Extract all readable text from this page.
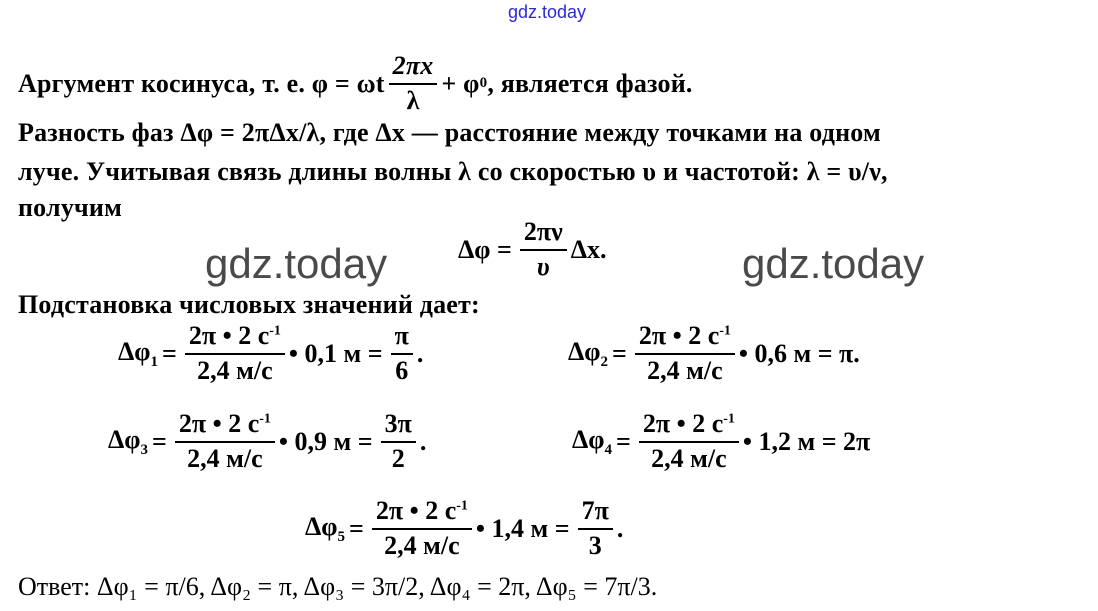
gdz.today
gdz.today	gdz.today
Аргумент косинуса, т. е. φ = ωt $\frac{2\pi x}{\lambda} + \varphi$ 0 , является фазой.
Разность фаз Δφ = 2πΔx/λ, где Δx — расстояние между точками на одном
луче. Учитывая связь длины волны λ со скоростью υ и частотой: λ = υ/ν,
получим
$\Delta\varphi = \frac{2\pi\nu}{\upsilon} \Delta x$.
Подстановка числовых значений дает:
$\Delta\varphi_1 = \frac{2\pi • 2 с^{-1}}{2,4 м/с}$ • 0,1 $м = \frac{\pi}{6}$ .	$\Delta\varphi_2 = \frac{2\pi • 2 с^{-1}}{2,4 м/с}$ • 0,6 м = π.
$\Delta\varphi_3 = \frac{2\pi • 2 с^{-1}}{2,4 м/с}$ • 0,9 $м = \frac{3\pi}{2}$ .	$\Delta\varphi_4 = \frac{2\pi • 2 с^{-1}}{2,4 м/с}$ • 1,2 м = 2π
$\Delta\varphi_5 = \frac{2\pi • 2 с^{-1}}{2,4 м/с}$ • 1,4 $м = \frac{7\pi}{3}$ .
Ответ: Δφ₁ = π/6, Δφ₂ = π, Δφ₃ = 3π/2, Δφ₄ = 2π, Δφ₅ = 7π/3.
